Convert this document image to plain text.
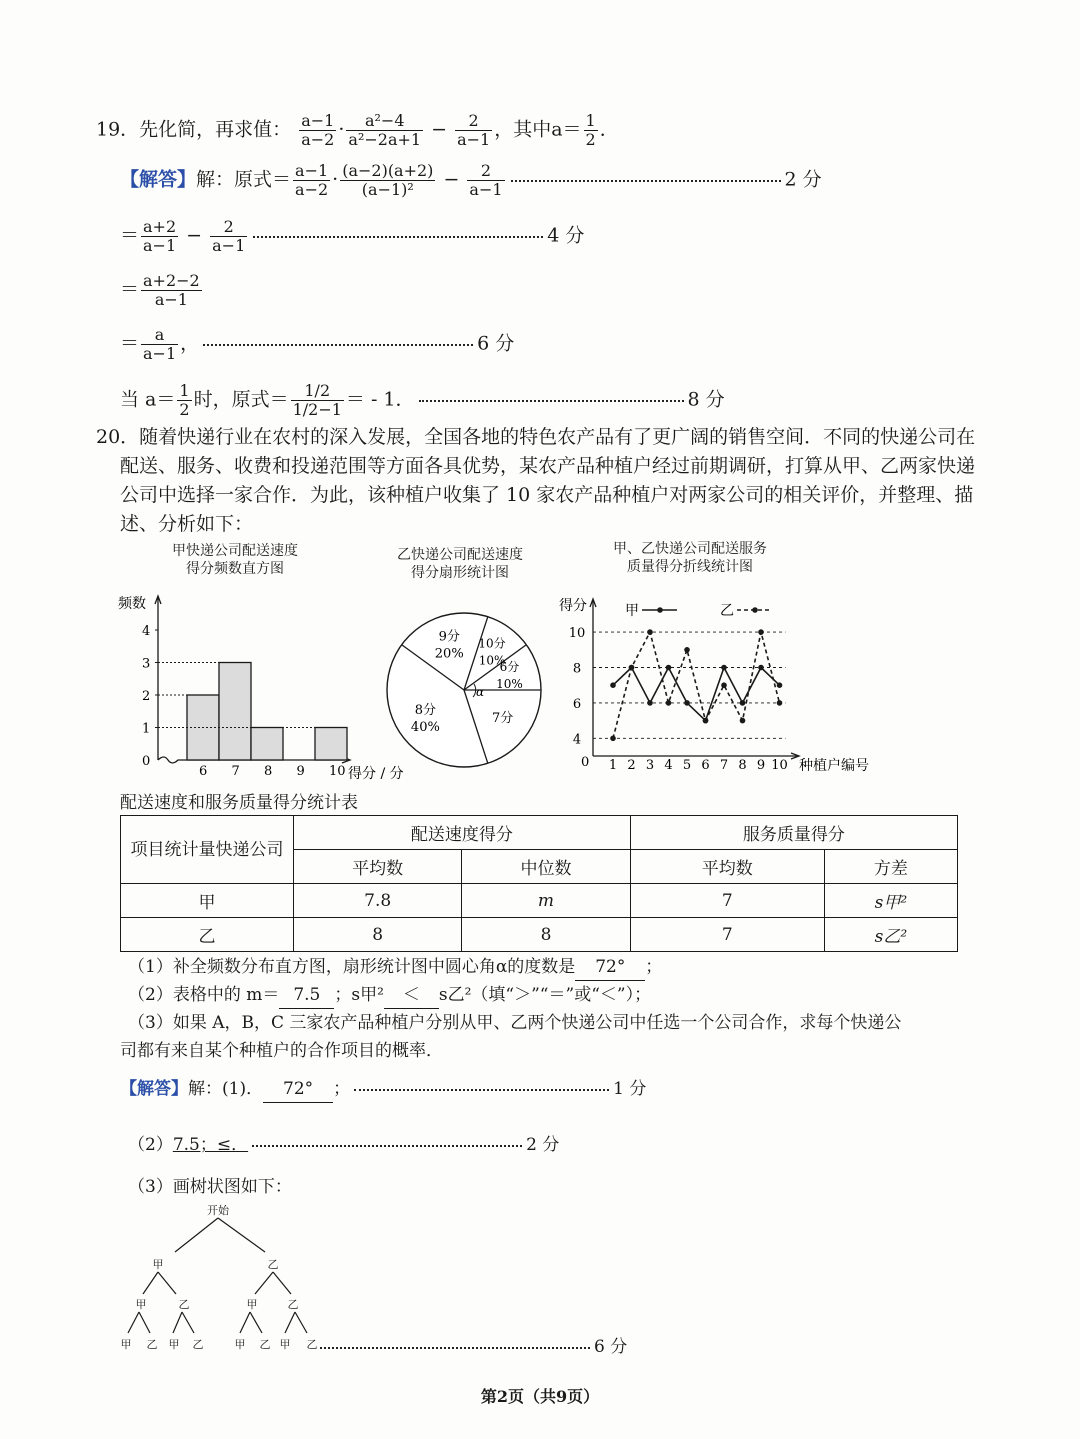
19．先化简，再求值： $\frac{a-1}{a-2} \cdot \frac{\text{a²−4}}{\text{a²−2a+1}} - \frac{2}{a-1}$ ，其中$a= \frac{1}{2}$ ．
【解答】解：原式＝ $\frac{a-1}{a-2} \cdot \frac{(a-2)(a+2)}{\text{(a−1)²}} - \frac{2}{a-1}$	2 分
＝ $\frac{a+2}{a-1} - \frac{2}{a-1}$	4 分
＝ $\frac{a+2-2}{a-1}$
＝ $\frac{a}{a-1}$ ，	6 分
当 $a= \frac{1}{2}$ 时，原式＝ $\frac{1/2}{1/2-1}$ ＝ - 1．	8 分
20．随着快递行业在农村的深入发展，全国各地的特色农产品有了更广阔的销售空间．不同的快递公司在
配送、服务、收费和投递范围等方面各具优势，某农产品种植户经过前期调研，打算从甲、乙两家快递
公司中选择一家合作．为此，该种植户收集了 10 家农产品种植户对两家公司的相关评价，并整理、描
述、分析如下：
甲快递公司配送速度
得分频数直方图
乙快递公司配送速度
得分扇形统计图
甲、乙快递公司配送服务
质量得分折线统计图
频数
得分 / 分
0
1
2
3
4
6 7 8 9 10
10分
10%
6分
10%
7分
8分
40%
9分
20%
α
得分
种植户编号
0
4
6
8
10
1 2 3 4 5 6 7 8 9 10
甲	乙
配送速度和服务质量得分统计表
项目统计量快递公司	配送速度得分		服务质量得分	
	平均数	中位数	平均数	方差
甲	7.8	m	7	s甲²
乙	8	8	7	s乙²
（1）补全频数分布直方图，扇形统计图中圆心角α的度数是 72° ；
（2）表格中的 m＝ 7.5 ；s甲² ＜ s乙²（填“＞”“＝”或“＜”）；
（3）如果 A，B，C 三家农产品种植户分别从甲、乙两个快递公司中任选一个公司合作，求每个快递公
司都有来自某个种植户的合作项目的概率．
【解答】解：(1)． 72° ；	1 分
（2）7.5；≤．	2 分
（3）画树状图如下：
开始
甲	乙
甲	乙	甲	乙
甲 乙 甲 乙	甲 乙 甲 乙	6 分
第2页（共9页）
